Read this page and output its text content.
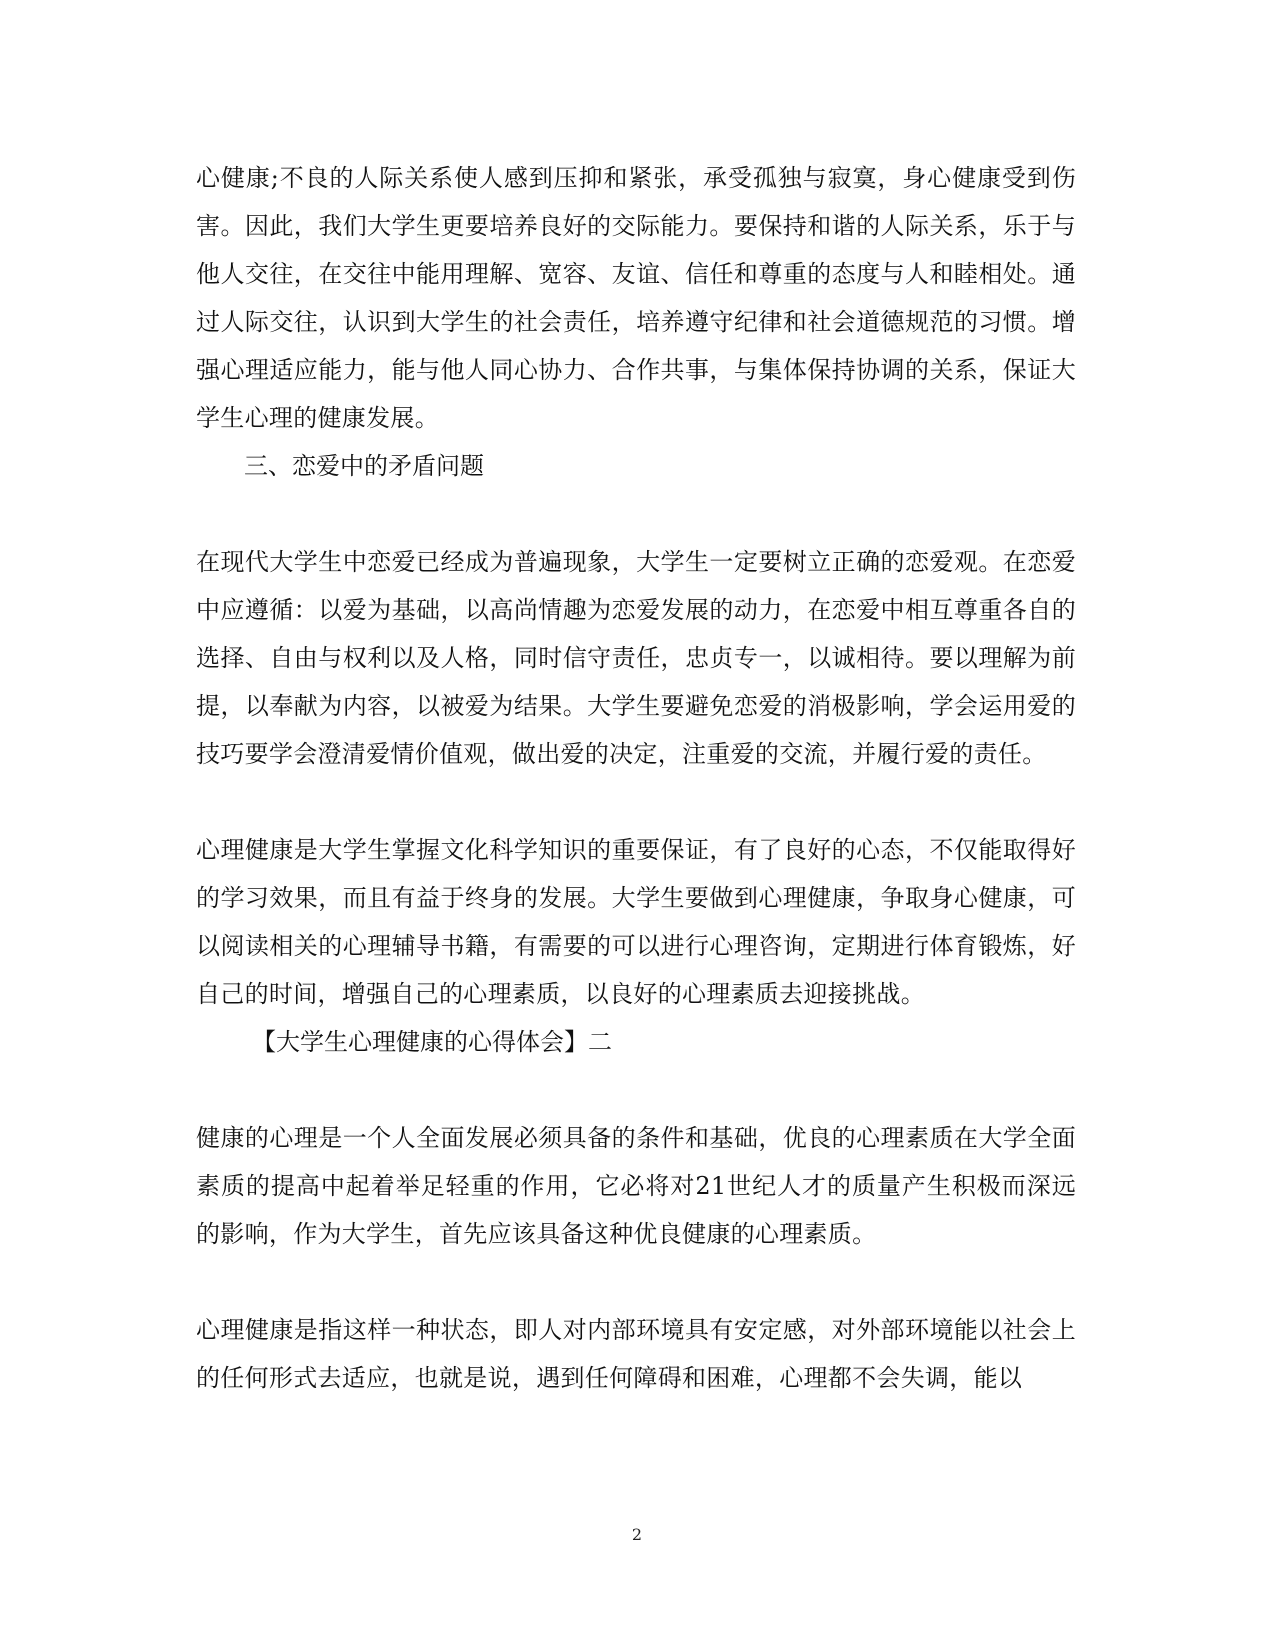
心健康;不良的人际关系使人感到压抑和紧张，承受孤独与寂寞，身心健康受到伤害。因此，我们大学生更要培养良好的交际能力。要保持和谐的人际关系，乐于与他人交往，在交往中能用理解、宽容、友谊、信任和尊重的态度与人和睦相处。通过人际交往，认识到大学生的社会责任，培养遵守纪律和社会道德规范的习惯。增强心理适应能力，能与他人同心协力、合作共事，与集体保持协调的关系，保证大学生心理的健康发展。

三、恋爱中的矛盾问题

在现代大学生中恋爱已经成为普遍现象，大学生一定要树立正确的恋爱观。在恋爱中应遵循：以爱为基础，以高尚情趣为恋爱发展的动力，在恋爱中相互尊重各自的选择、自由与权利以及人格，同时信守责任，忠贞专一，以诚相待。要以理解为前提，以奉献为内容，以被爱为结果。大学生要避免恋爱的消极影响，学会运用爱的技巧要学会澄清爱情价值观，做出爱的决定，注重爱的交流，并履行爱的责任。

心理健康是大学生掌握文化科学知识的重要保证，有了良好的心态，不仅能取得好的学习效果，而且有益于终身的发展。大学生要做到心理健康，争取身心健康，可以阅读相关的心理辅导书籍，有需要的可以进行心理咨询，定期进行体育锻炼，好自己的时间，增强自己的心理素质，以良好的心理素质去迎接挑战。

【大学生心理健康的心得体会】二

健康的心理是一个人全面发展必须具备的条件和基础，优良的心理素质在大学全面素质的提高中起着举足轻重的作用，它必将对21世纪人才的质量产生积极而深远的影响，作为大学生，首先应该具备这种优良健康的心理素质。

心理健康是指这样一种状态，即人对内部环境具有安定感，对外部环境能以社会上的任何形式去适应，也就是说，遇到任何障碍和困难，心理都不会失调，能以

2
